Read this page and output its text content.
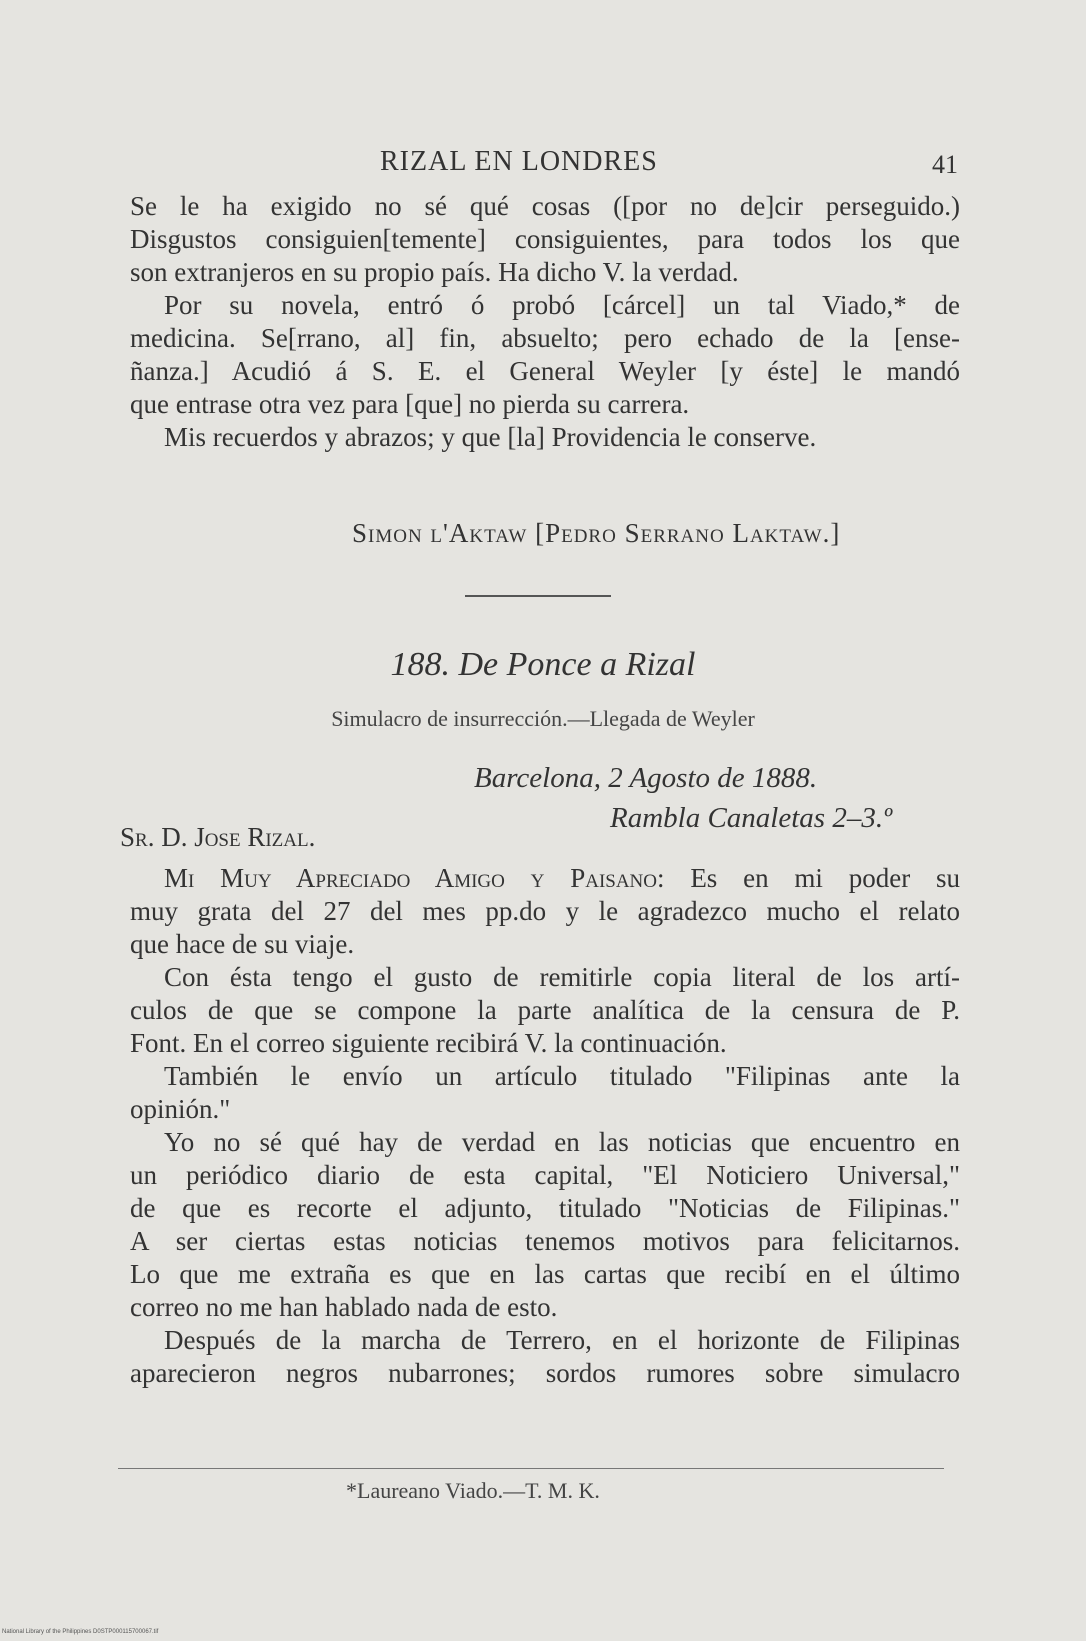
RIZAL EN LONDRES	41
Se le ha exigido no sé qué cosas ([por no de]cir perseguido.)
Disgustos consiguien[temente] consiguientes, para todos los que
son extranjeros en su propio país. Ha dicho V. la verdad.
Por su novela, entró ó probó [cárcel] un tal Viado,* de
medicina. Se[rrano, al] fin, absuelto; pero echado de la [ense-
ñanza.] Acudió á S. E. el General Weyler [y éste] le mandó
que entrase otra vez para [que] no pierda su carrera.
Mis recuerdos y abrazos; y que [la] Providencia le conserve.
Simon l'Aktaw [Pedro Serrano Laktaw.]
188. De Ponce a Rizal
Simulacro de insurrección.—Llegada de Weyler
Barcelona, 2 Agosto de 1888.
Rambla Canaletas 2–3.º
Sr. D. Jose Rizal.
Mi Muy Apreciado Amigo y Paisano: Es en mi poder su
muy grata del 27 del mes pp.do y le agradezco mucho el relato
que hace de su viaje.
Con ésta tengo el gusto de remitirle copia literal de los artí-
culos de que se compone la parte analítica de la censura de P.
Font. En el correo siguiente recibirá V. la continuación.
También le envío un artículo titulado "Filipinas ante la
opinión."
Yo no sé qué hay de verdad en las noticias que encuentro en
un periódico diario de esta capital, "El Noticiero Universal,"
de que es recorte el adjunto, titulado "Noticias de Filipinas."
A ser ciertas estas noticias tenemos motivos para felicitarnos.
Lo que me extraña es que en las cartas que recibí en el último
correo no me han hablado nada de esto.
Después de la marcha de Terrero, en el horizonte de Filipinas
aparecieron negros nubarrones; sordos rumores sobre simulacro
*Laureano Viado.—T. M. K.
National Library of the Philippines D0STP000115700067.tif
